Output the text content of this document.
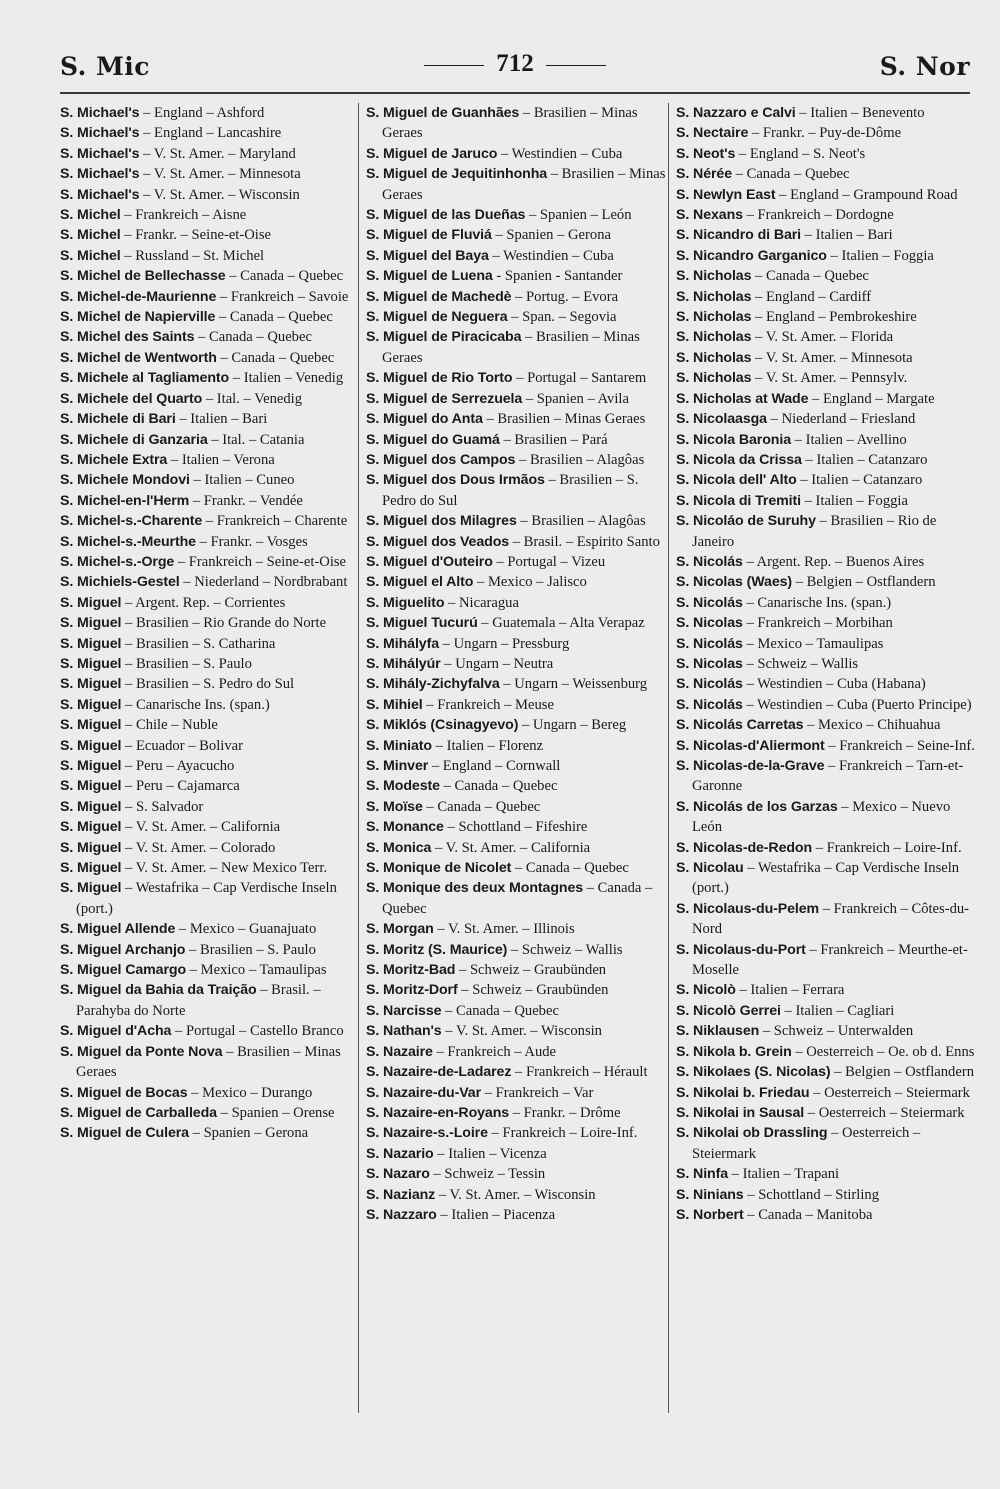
S. Mic	712	S. Nor
S. Michael's – England – Ashford
S. Michael's – England – Lancashire
S. Michael's – V. St. Amer. – Maryland
S. Michael's – V. St. Amer. – Minnesota
S. Michael's – V. St. Amer. – Wisconsin
S. Michel – Frankreich – Aisne
S. Michel – Frankr. – Seine-et-Oise
S. Michel – Russland – St. Michel
S. Michel de Bellechasse – Canada – Quebec
S. Michel-de-Maurienne – Frankreich – Savoie
S. Michel de Napierville – Canada – Quebec
S. Michel des Saints – Canada – Quebec
S. Michel de Wentworth – Canada – Quebec
S. Michele al Tagliamento – Italien – Venedig
S. Michele del Quarto – Ital. – Venedig
S. Michele di Bari – Italien – Bari
S. Michele di Ganzaria – Ital. – Catania
S. Michele Extra – Italien – Verona
S. Michele Mondovi – Italien – Cuneo
S. Michel-en-l'Herm – Frankr. – Vendée
S. Michel-s.-Charente – Frankreich – Charente
S. Michel-s.-Meurthe – Frankr. – Vosges
S. Michel-s.-Orge – Frankreich – Seine-et-Oise
S. Michiels-Gestel – Niederland – Nordbrabant
S. Miguel – Argent. Rep. – Corrientes
S. Miguel – Brasilien – Rio Grande do Norte
S. Miguel – Brasilien – S. Catharina
S. Miguel – Brasilien – S. Paulo
S. Miguel – Brasilien – S. Pedro do Sul
S. Miguel – Canarische Ins. (span.)
S. Miguel – Chile – Nuble
S. Miguel – Ecuador – Bolivar
S. Miguel – Peru – Ayacucho
S. Miguel – Peru – Cajamarca
S. Miguel – S. Salvador
S. Miguel – V. St. Amer. – California
S. Miguel – V. St. Amer. – Colorado
S. Miguel – V. St. Amer. – New Mexico Terr.
S. Miguel – Westafrika – Cap Verdische Inseln (port.)
S. Miguel Allende – Mexico – Guanajuato
S. Miguel Archanjo – Brasilien – S. Paulo
S. Miguel Camargo – Mexico – Tamaulipas
S. Miguel da Bahia da Traição – Brasil. – Parahyba do Norte
S. Miguel d'Acha – Portugal – Castello Branco
S. Miguel da Ponte Nova – Brasilien – Minas Geraes
S. Miguel de Bocas – Mexico – Durango
S. Miguel de Carballeda – Spanien – Orense
S. Miguel de Culera – Spanien – Gerona
S. Miguel de Guanhães – Brasilien – Minas Geraes
S. Miguel de Jaruco – Westindien – Cuba
S. Miguel de Jequitinhonha – Brasilien – Minas Geraes
S. Miguel de las Dueñas – Spanien – León
S. Miguel de Fluviá – Spanien – Gerona
S. Miguel del Baya – Westindien – Cuba
S. Miguel de Luena - Spanien - Santander
S. Miguel de Machedè – Portug. – Evora
S. Miguel de Neguera – Span. – Segovia
S. Miguel de Piracicaba – Brasilien – Minas Geraes
S. Miguel de Rio Torto – Portugal – Santarem
S. Miguel de Serrezuela – Spanien – Avila
S. Miguel do Anta – Brasilien – Minas Geraes
S. Miguel do Guamá – Brasilien – Pará
S. Miguel dos Campos – Brasilien – Alagôas
S. Miguel dos Dous Irmãos – Brasilien – S. Pedro do Sul
S. Miguel dos Milagres – Brasilien – Alagôas
S. Miguel dos Veados – Brasil. – Espirito Santo
S. Miguel d'Outeiro – Portugal – Vizeu
S. Miguel el Alto – Mexico – Jalisco
S. Miguelito – Nicaragua
S. Miguel Tucurú – Guatemala – Alta Verapaz
S. Mihályfa – Ungarn – Pressburg
S. Mihályúr – Ungarn – Neutra
S. Mihály-Zichyfalva – Ungarn – Weissenburg
S. Mihiel – Frankreich – Meuse
S. Miklós (Csinagyevo) – Ungarn – Bereg
S. Miniato – Italien – Florenz
S. Minver – England – Cornwall
S. Modeste – Canada – Quebec
S. Moïse – Canada – Quebec
S. Monance – Schottland – Fifeshire
S. Monica – V. St. Amer. – California
S. Monique de Nicolet – Canada – Quebec
S. Monique des deux Montagnes – Canada – Quebec
S. Morgan – V. St. Amer. – Illinois
S. Moritz (S. Maurice) – Schweiz – Wallis
S. Moritz-Bad – Schweiz – Graubünden
S. Moritz-Dorf – Schweiz – Graubünden
S. Narcisse – Canada – Quebec
S. Nathan's – V. St. Amer. – Wisconsin
S. Nazaire – Frankreich – Aude
S. Nazaire-de-Ladarez – Frankreich – Hérault
S. Nazaire-du-Var – Frankreich – Var
S. Nazaire-en-Royans – Frankr. – Drôme
S. Nazaire-s.-Loire – Frankreich – Loire-Inf.
S. Nazario – Italien – Vicenza
S. Nazaro – Schweiz – Tessin
S. Nazianz – V. St. Amer. – Wisconsin
S. Nazzaro – Italien – Piacenza
S. Nazzaro e Calvi – Italien – Benevento
S. Nectaire – Frankr. – Puy-de-Dôme
S. Neot's – England – S. Neot's
S. Nérée – Canada – Quebec
S. Newlyn East – England – Grampound Road
S. Nexans – Frankreich – Dordogne
S. Nicandro di Bari – Italien – Bari
S. Nicandro Garganico – Italien – Foggia
S. Nicholas – Canada – Quebec
S. Nicholas – England – Cardiff
S. Nicholas – England – Pembrokeshire
S. Nicholas – V. St. Amer. – Florida
S. Nicholas – V. St. Amer. – Minnesota
S. Nicholas – V. St. Amer. – Pennsylv.
S. Nicholas at Wade – England – Margate
S. Nicolaasga – Niederland – Friesland
S. Nicola Baronia – Italien – Avellino
S. Nicola da Crissa – Italien – Catanzaro
S. Nicola dell' Alto – Italien – Catanzaro
S. Nicola di Tremiti – Italien – Foggia
S. Nicoláo de Suruhy – Brasilien – Rio de Janeiro
S. Nicolás – Argent. Rep. – Buenos Aires
S. Nicolas (Waes) – Belgien – Ostflandern
S. Nicolás – Canarische Ins. (span.)
S. Nicolas – Frankreich – Morbihan
S. Nicolás – Mexico – Tamaulipas
S. Nicolas – Schweiz – Wallis
S. Nicolás – Westindien – Cuba (Habana)
S. Nicolás – Westindien – Cuba (Puerto Principe)
S. Nicolás Carretas – Mexico – Chihuahua
S. Nicolas-d'Aliermont – Frankreich – Seine-Inf.
S. Nicolas-de-la-Grave – Frankreich – Tarn-et-Garonne
S. Nicolás de los Garzas – Mexico – Nuevo León
S. Nicolas-de-Redon – Frankreich – Loire-Inf.
S. Nicolau – Westafrika – Cap Verdische Inseln (port.)
S. Nicolaus-du-Pelem – Frankreich – Côtes-du-Nord
S. Nicolaus-du-Port – Frankreich – Meurthe-et-Moselle
S. Nicolò – Italien – Ferrara
S. Nicolò Gerrei – Italien – Cagliari
S. Niklausen – Schweiz – Unterwalden
S. Nikola b. Grein – Oesterreich – Oe. ob d. Enns
S. Nikolaes (S. Nicolas) – Belgien – Ostflandern
S. Nikolai b. Friedau – Oesterreich – Steiermark
S. Nikolai in Sausal – Oesterreich – Steiermark
S. Nikolai ob Drassling – Oesterreich – Steiermark
S. Ninfa – Italien – Trapani
S. Ninians – Schottland – Stirling
S. Norbert – Canada – Manitoba
